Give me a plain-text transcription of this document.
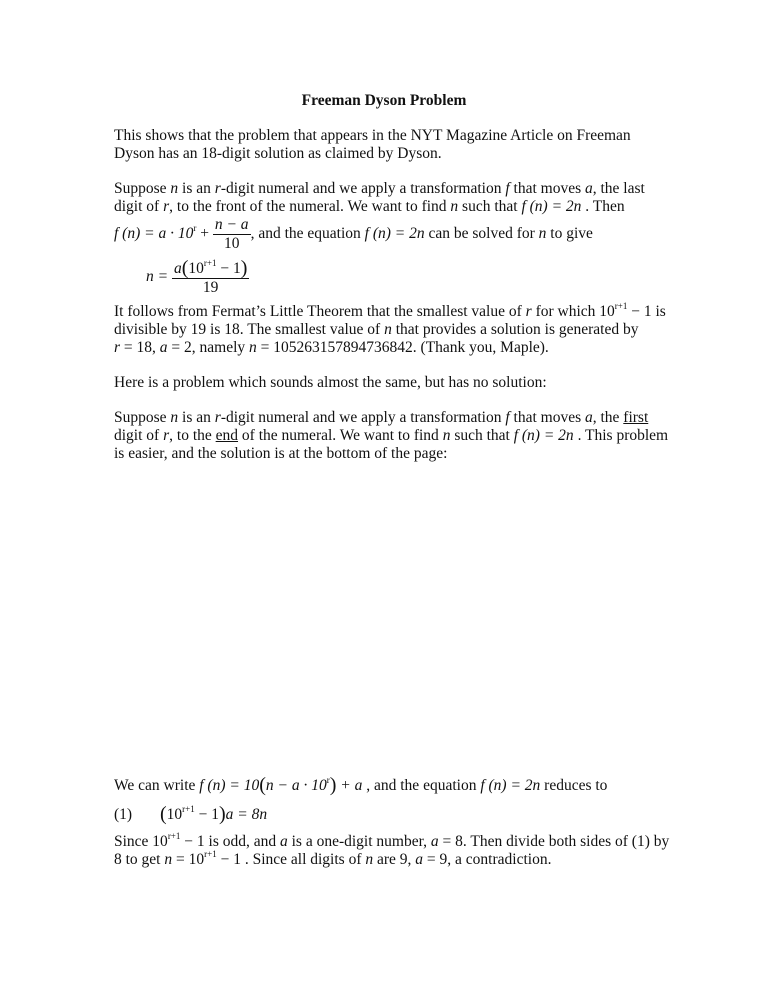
Freeman Dyson Problem
This shows that the problem that appears in the NYT Magazine Article on Freeman
Dyson has an 18-digit solution as claimed by Dyson.
Suppose n is an r-digit numeral and we apply a transformation f that moves a, the last
digit of r, to the front of the numeral. We want to find n such that f (n) = 2n . Then
f $(n) = a \cdot 10^r + \frac{n - a}{10}$ , and the equation f (n) = 2n can be solved for n to give
$n = \frac{a(10^{r+1} - 1)}{19}$
It follows from Fermat’s Little Theorem that the smallest value of r for which $10^{r+1} - 1$ is
divisible by 19 is 18. The smallest value of n that provides a solution is generated by
r = 18, a = 2, namely n = 105263157894736842. (Thank you, Maple).
Here is a problem which sounds almost the same, but has no solution:
Suppose n is an r-digit numeral and we apply a transformation f that moves a, the first
digit of r, to the end of the numeral. We want to find n such that f (n) = 2n . This problem
is easier, and the solution is at the bottom of the page:
We can write f $(n) = 10(n - a \cdot 10^r) + a$ , and the equation f (n) = 2n reduces to
(1) $(10^{r+1} - 1)a = 8n$
Since $10^{r+1} - 1$ is odd, and a is a one-digit number, a = 8. Then divide both sides of (1) by
8 to get $n = 10^{r+1} - 1$ . Since all digits of n are 9, a = 9, a contradiction.
